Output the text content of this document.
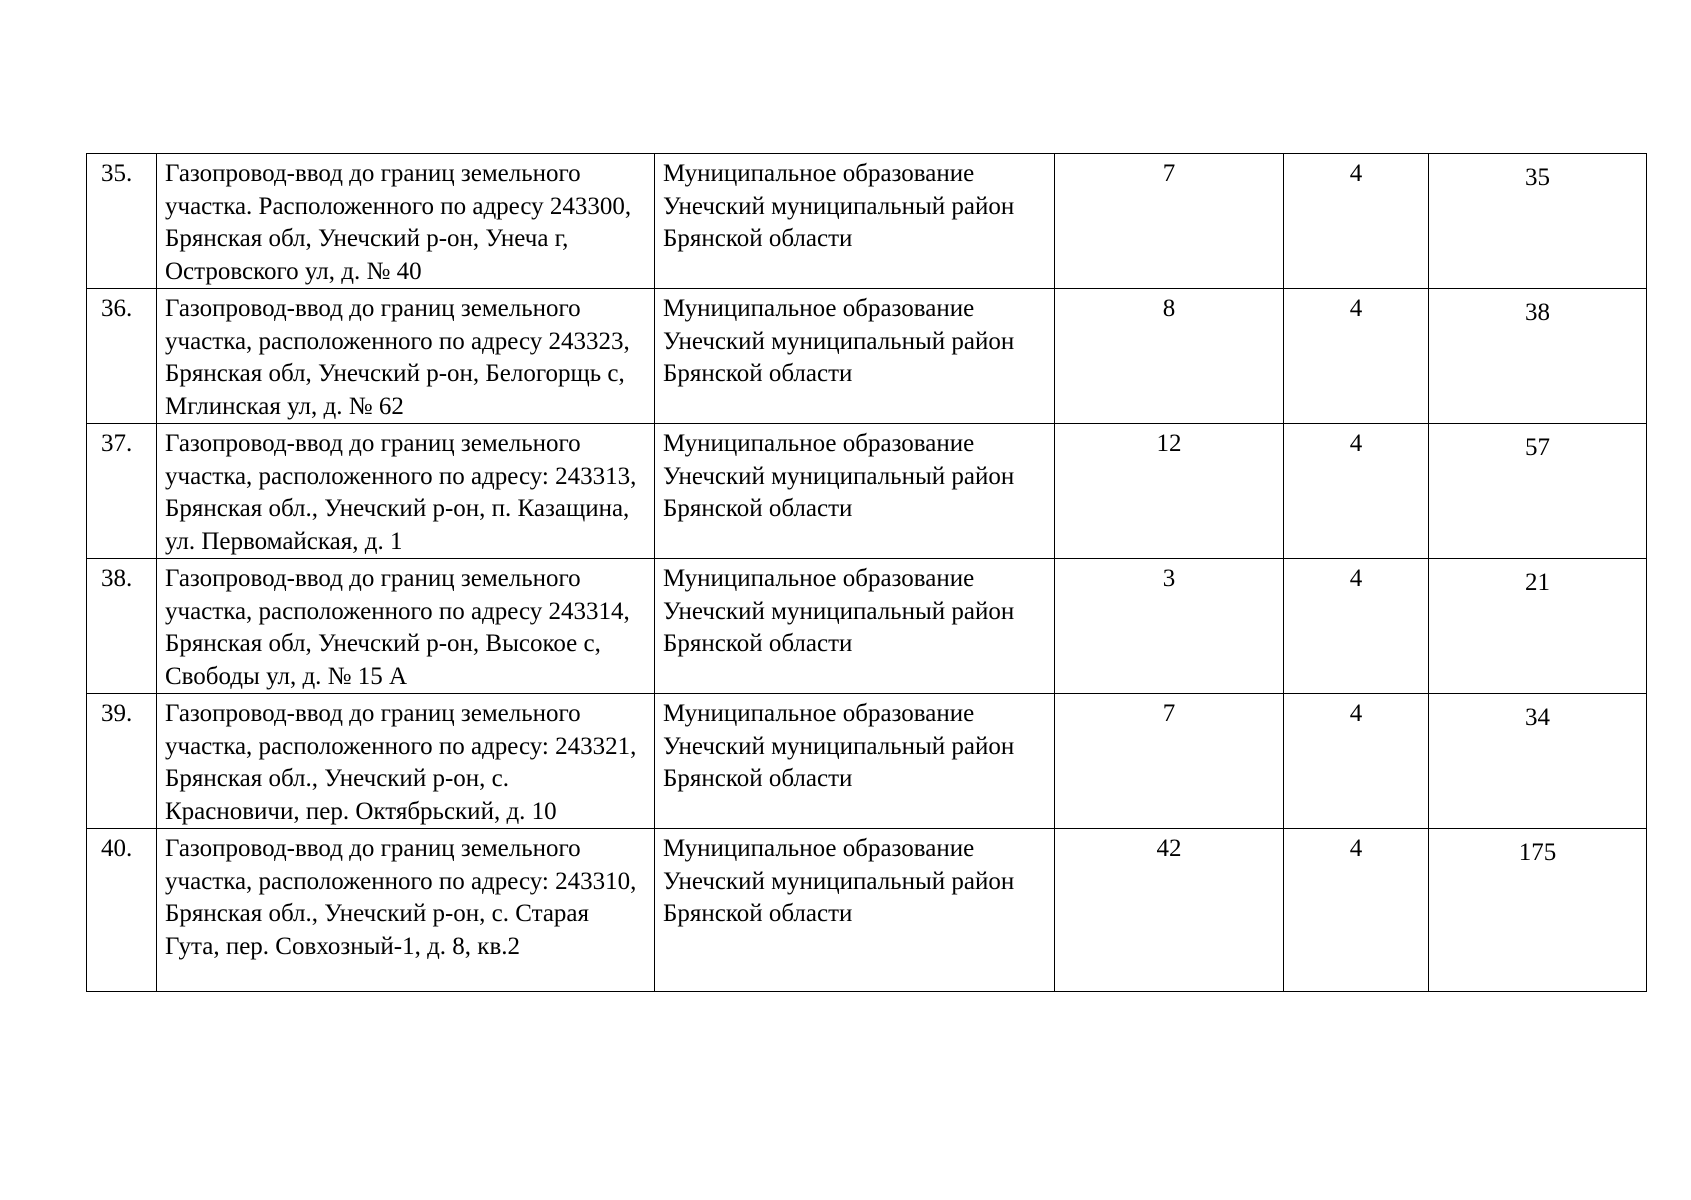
35.	Газопровод-ввод до границ земельного участка. Расположенного по адресу 243300, Брянская обл, Унечский р-он, Унеча г, Островского ул, д. № 40	Муниципальное образование Унечский муниципальный район Брянской области	7	4	35
36.	Газопровод-ввод до границ земельного участка, расположенного по адресу 243323, Брянская обл, Унечский р-он, Белогорщь с, Мглинская ул, д. № 62	Муниципальное образование Унечский муниципальный район Брянской области	8	4	38
37.	Газопровод-ввод до границ земельного участка, расположенного по адресу: 243313, Брянская обл., Унечский р-он, п. Казащина, ул. Первомайская, д. 1	Муниципальное образование Унечский муниципальный район Брянской области	12	4	57
38.	Газопровод-ввод до границ земельного участка, расположенного по адресу 243314, Брянская обл, Унечский р-он, Высокое с, Свободы ул, д. № 15 А	Муниципальное образование Унечский муниципальный район Брянской области	3	4	21
39.	Газопровод-ввод до границ земельного участка, расположенного по адресу: 243321, Брянская обл., Унечский р-он, с. Красновичи, пер. Октябрьский, д. 10	Муниципальное образование Унечский муниципальный район Брянской области	7	4	34
40.	Газопровод-ввод до границ земельного участка, расположенного по адресу: 243310, Брянская обл., Унечский р-он, с. Старая Гута, пер. Совхозный-1, д. 8, кв.2	Муниципальное образование Унечский муниципальный район Брянской области	42	4	175
